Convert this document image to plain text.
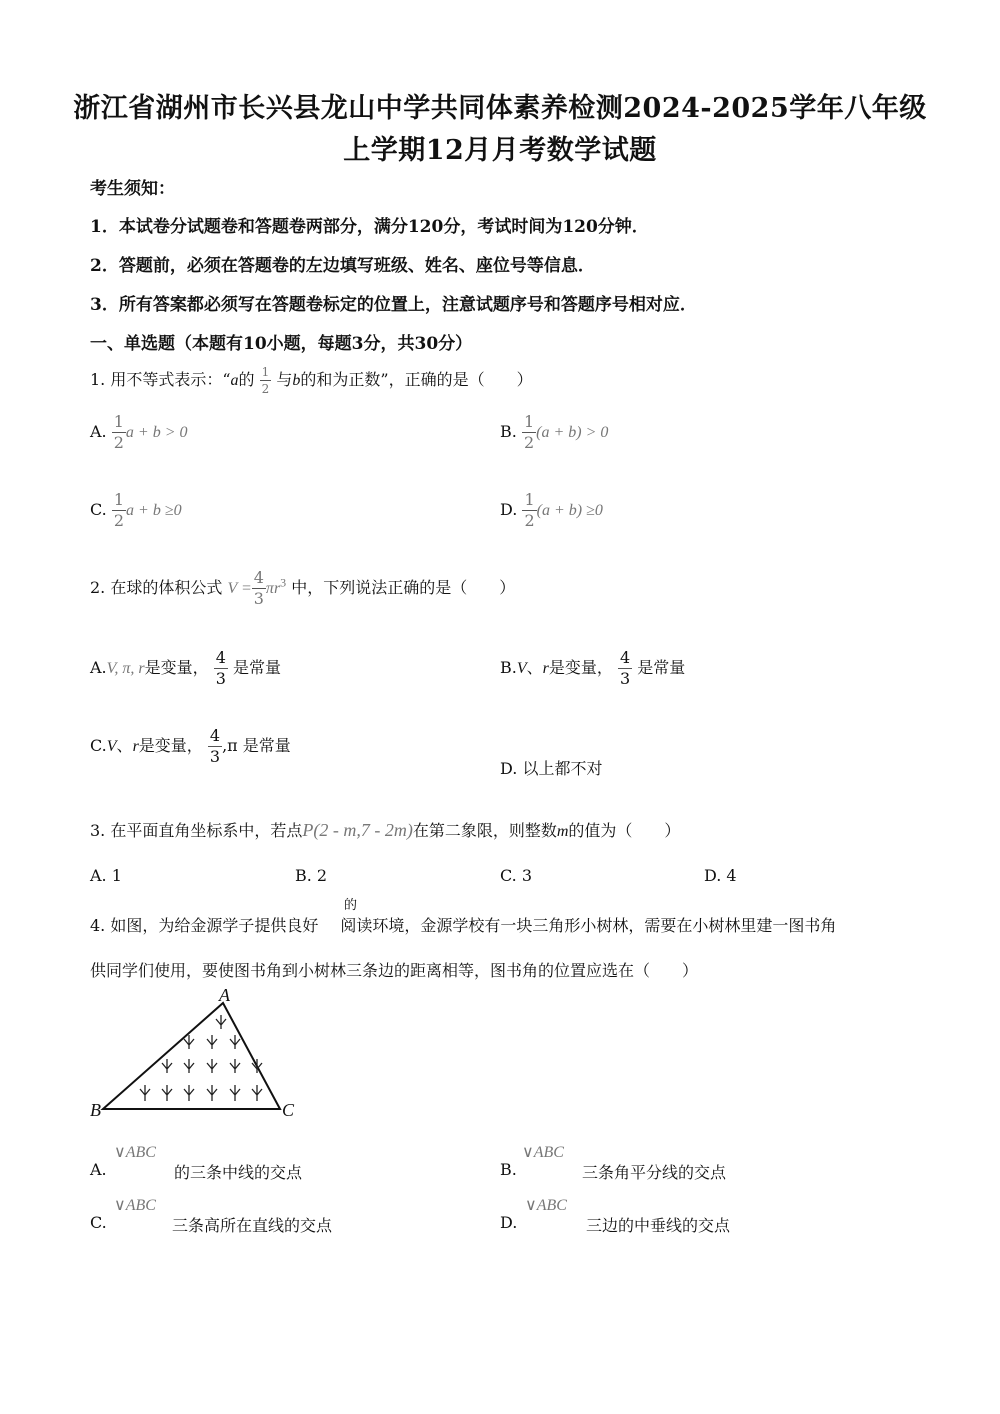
浙江省湖州市长兴县龙山中学共同体素养检测2024-2025学年八年级
上学期12月月考数学试题
考生须知：
1．本试卷分试题卷和答题卷两部分，满分120分，考试时间为120分钟．
2．答题前，必须在答题卷的左边填写班级、姓名、座位号等信息．
3．所有答案都必须写在答题卷标定的位置上，注意试题序号和答题序号相对应．
一、单选题（本题有10小题，每题3分，共30分）
1. 用不等式表示：“a的 $\frac{1}{2}$ 与b的和为正数”，正确的是（　　）
A. $\frac{1}{2}$ a + b > 0	B. $\frac{1}{2} (a + b) > 0$
C. $\frac{1}{2}$ a + b ≥0	D. $\frac{1}{2} (a + b) \ge 0$
2. 在球的体积公式 $V = \frac{4}{3} \pi r^3$ 中，下列说法正确的是（　　）
A.V, π, r是变量， $\frac{4}{3}$ 是常量	B.V、r是变量， $\frac{4}{3}$ 是常量
C.V、r是变量， $\frac{4}{3} ,\pi$ 是常量
D. 以上都不对
3. 在平面直角坐标系中，若点P(2 - m,7 - 2m)在第二象限，则整数m的值为（　　）
A. 1	B. 2	C. 3	D. 4
的
4. 如图，为给金源学子提供良好 阅读环境，金源学校有一块三角形小树林，需要在小树林里建一图书角
供同学们使用，要使图书角到小树林三条边的距离相等，图书角的位置应选在（　　）
A
B	C
A.
∨ABC
的三条中线的交点	B.
∨ABC
三条角平分线的交点
C.
∨ABC
三条高所在直线的交点	D.
∨ABC
三边的中垂线的交点
